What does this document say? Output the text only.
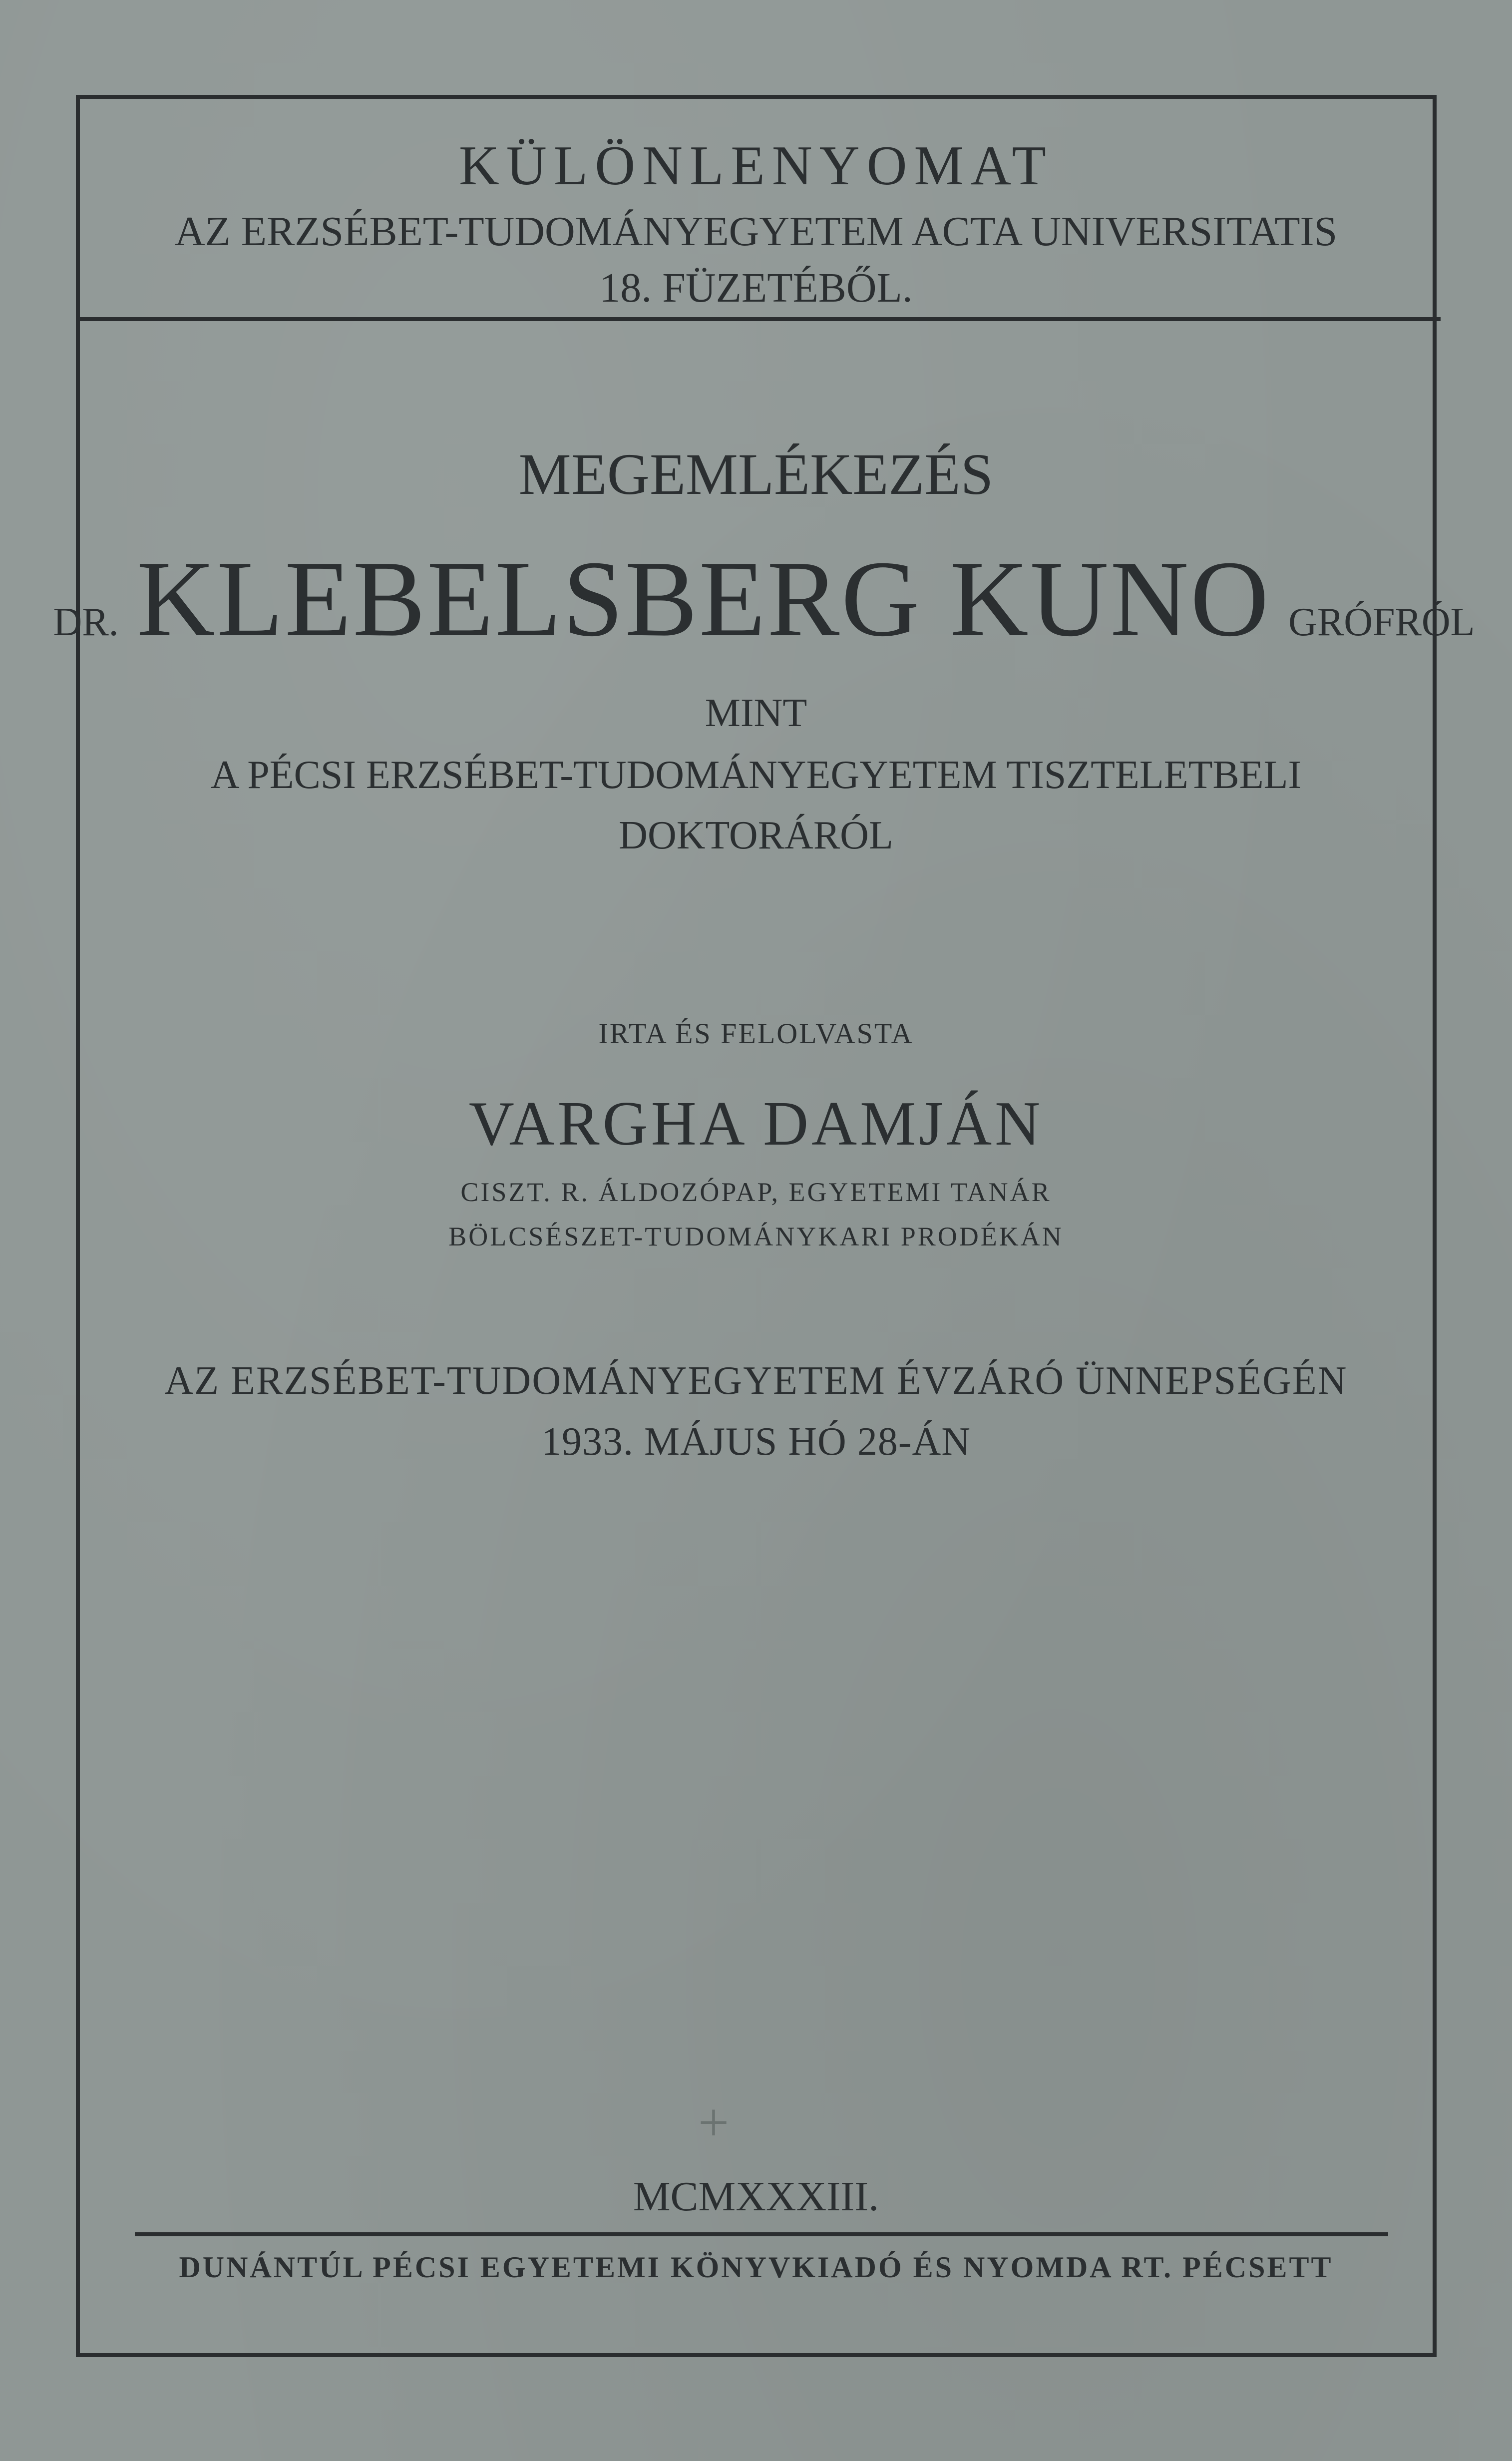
KÜLÖNLENYOMAT
AZ ERZSÉBET-TUDOMÁNYEGYETEM ACTA UNIVERSITATIS
18. FÜZETÉBŐL.
MEGEMLÉKEZÉS
DR. KLEBELSBERG KUNO GRÓFRÓL
MINT
A PÉCSI ERZSÉBET-TUDOMÁNYEGYETEM TISZTELETBELI
DOKTORÁRÓL
IRTA ÉS FELOLVASTA
VARGHA DAMJÁN
CISZT. R. ÁLDOZÓPAP, EGYETEMI TANÁR
BÖLCSÉSZET-TUDOMÁNYKARI PRODÉKÁN
AZ ERZSÉBET-TUDOMÁNYEGYETEM ÉVZÁRÓ ÜNNEPSÉGÉN
1933. MÁJUS HÓ 28-ÁN
+
MCMXXXIII.
DUNÁNTÚL PÉCSI EGYETEMI KÖNYVKIADÓ ÉS NYOMDA RT. PÉCSETT
